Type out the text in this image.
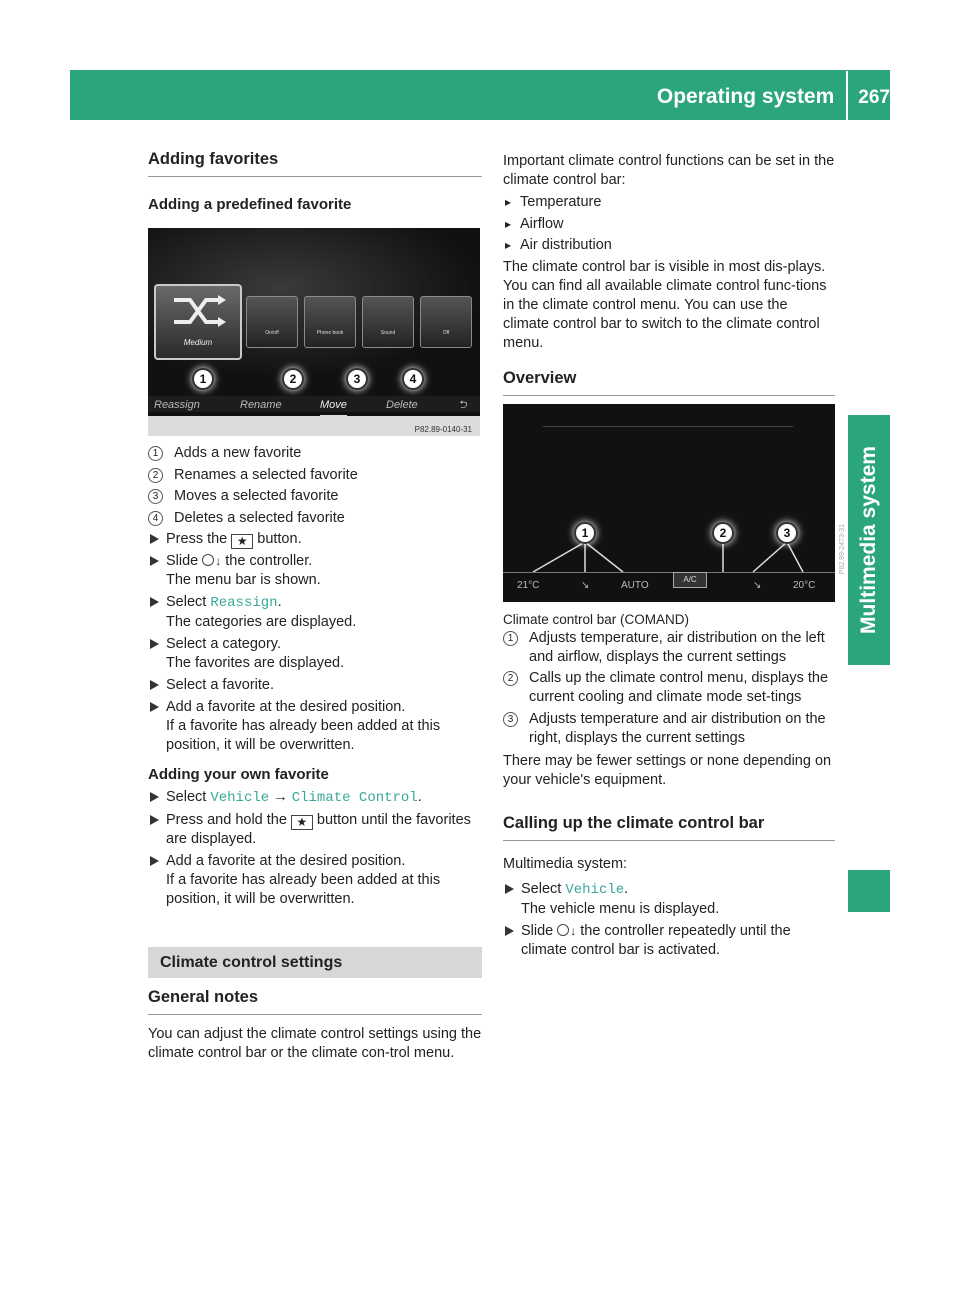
Operating system 267
Multimedia system
Adding favorites
Adding a predefined favorite
Medium
On/off	Phone book	Sound	Off
1	2	3	4
Reassign	Rename	Move	Delete	⮌
P82.89-0140-31

1	Adds a new favorite

2	Renames a selected favorite

3	Moves a selected favorite

4	Deletes a selected favorite

Press the ★ button.

Slide ↓ the controller.
The menu bar is shown.

Select Reassign.
The categories are displayed.

Select a category.
The favorites are displayed.

Select a favorite.

Add a favorite at the desired position.
If a favorite has already been added at this position, it will be overwritten.

Adding your own favorite

Select Vehicle → Climate Control.

Press and hold the ★ button until the favorites are displayed.

Add a favorite at the desired position.
If a favorite has already been added at this position, it will be overwritten.

Climate control settings
General notes

You can adjust the climate control settings using the climate control bar or the climate con-trol menu.

Important climate control functions can be set in the climate control bar:

▸ Temperature

▸ Airflow

▸ Air distribution

The climate control bar is visible in most dis-plays.

You can find all available climate control func-tions in the climate control menu. You can use the climate control bar to switch to the climate control menu.

Overview
1	2	3
21°C	↘	AUTO
A/C
↘	20°C
P82.89-2473-31

Climate control bar (COMAND)

1	Adjusts temperature, air distribution on the left and airflow, displays the current settings

2	Calls up the climate control menu, displays the current cooling and climate mode set-tings

3	Adjusts temperature and air distribution on the right, displays the current settings

There may be fewer settings or none depending on your vehicle's equipment.

Calling up the climate control bar

Multimedia system:

Select Vehicle.
The vehicle menu is displayed.

Slide ↓ the controller repeatedly until the climate control bar is activated.
